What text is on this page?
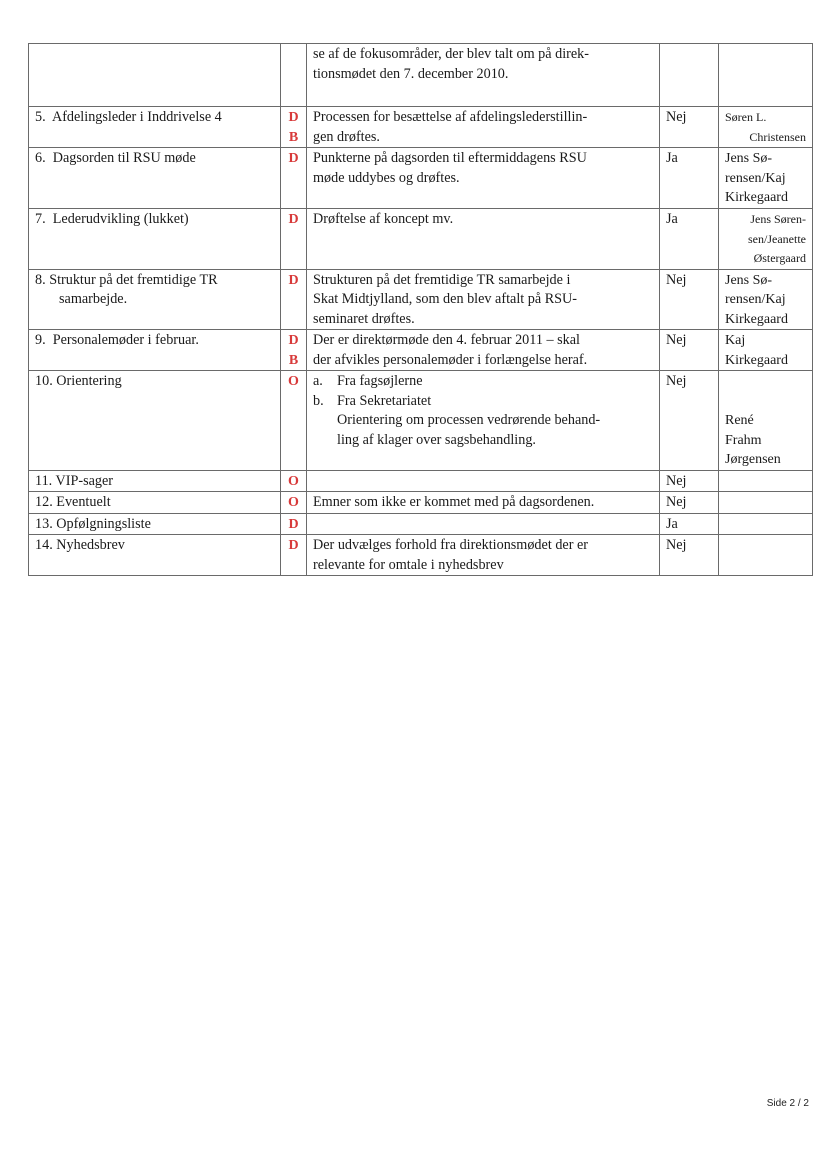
		se af de fokusområder, der blev talt om på direk-
tionsmødet den 7. december 2010.		

5.  Afdelingsleder i Inddrivelse 4	D
B	Processen for besættelse af afdelingslederstillin-
gen drøftes.	Nej	Søren L.
Christensen

6.  Dagsorden til RSU møde	D	Punkterne på dagsorden til eftermiddagens RSU
møde uddybes og drøftes.	Ja	Jens Sø-
rensen/Kaj
Kirkegaard

7.  Lederudvikling (lukket)	D	Drøftelse af koncept mv.	Ja	Jens Søren-
sen/Jeanette
Østergaard

8. Struktur på det fremtidige TR
samarbejde.	D	Strukturen på det fremtidige TR samarbejde i
Skat Midtjylland, som den blev aftalt på RSU-
seminaret drøftes.	Nej	Jens Sø-
rensen/Kaj
Kirkegaard

9.  Personalemøder i februar.	D
B	Der er direktørmøde den 4. februar 2011 – skal
der afvikles personalemøder i forlængelse heraf.	Nej	Kaj
Kirkegaard

10. Orientering	O	a. Fra fagsøjlerne
b. Fra Sekretariatet
Orientering om processen vedrørende behand-
ling af klager over sagsbehandling.	Nej	René
Frahm
Jørgensen

11. VIP-sager	O		Nej	
12. Eventuelt	O	Emner som ikke er kommet med på dagsordenen.	Nej	
13. Opfølgningsliste	D		Ja	
14. Nyhedsbrev	D	Der udvælges forhold fra direktionsmødet der er
relevante for omtale i nyhedsbrev	Nej	
Side 2 / 2
